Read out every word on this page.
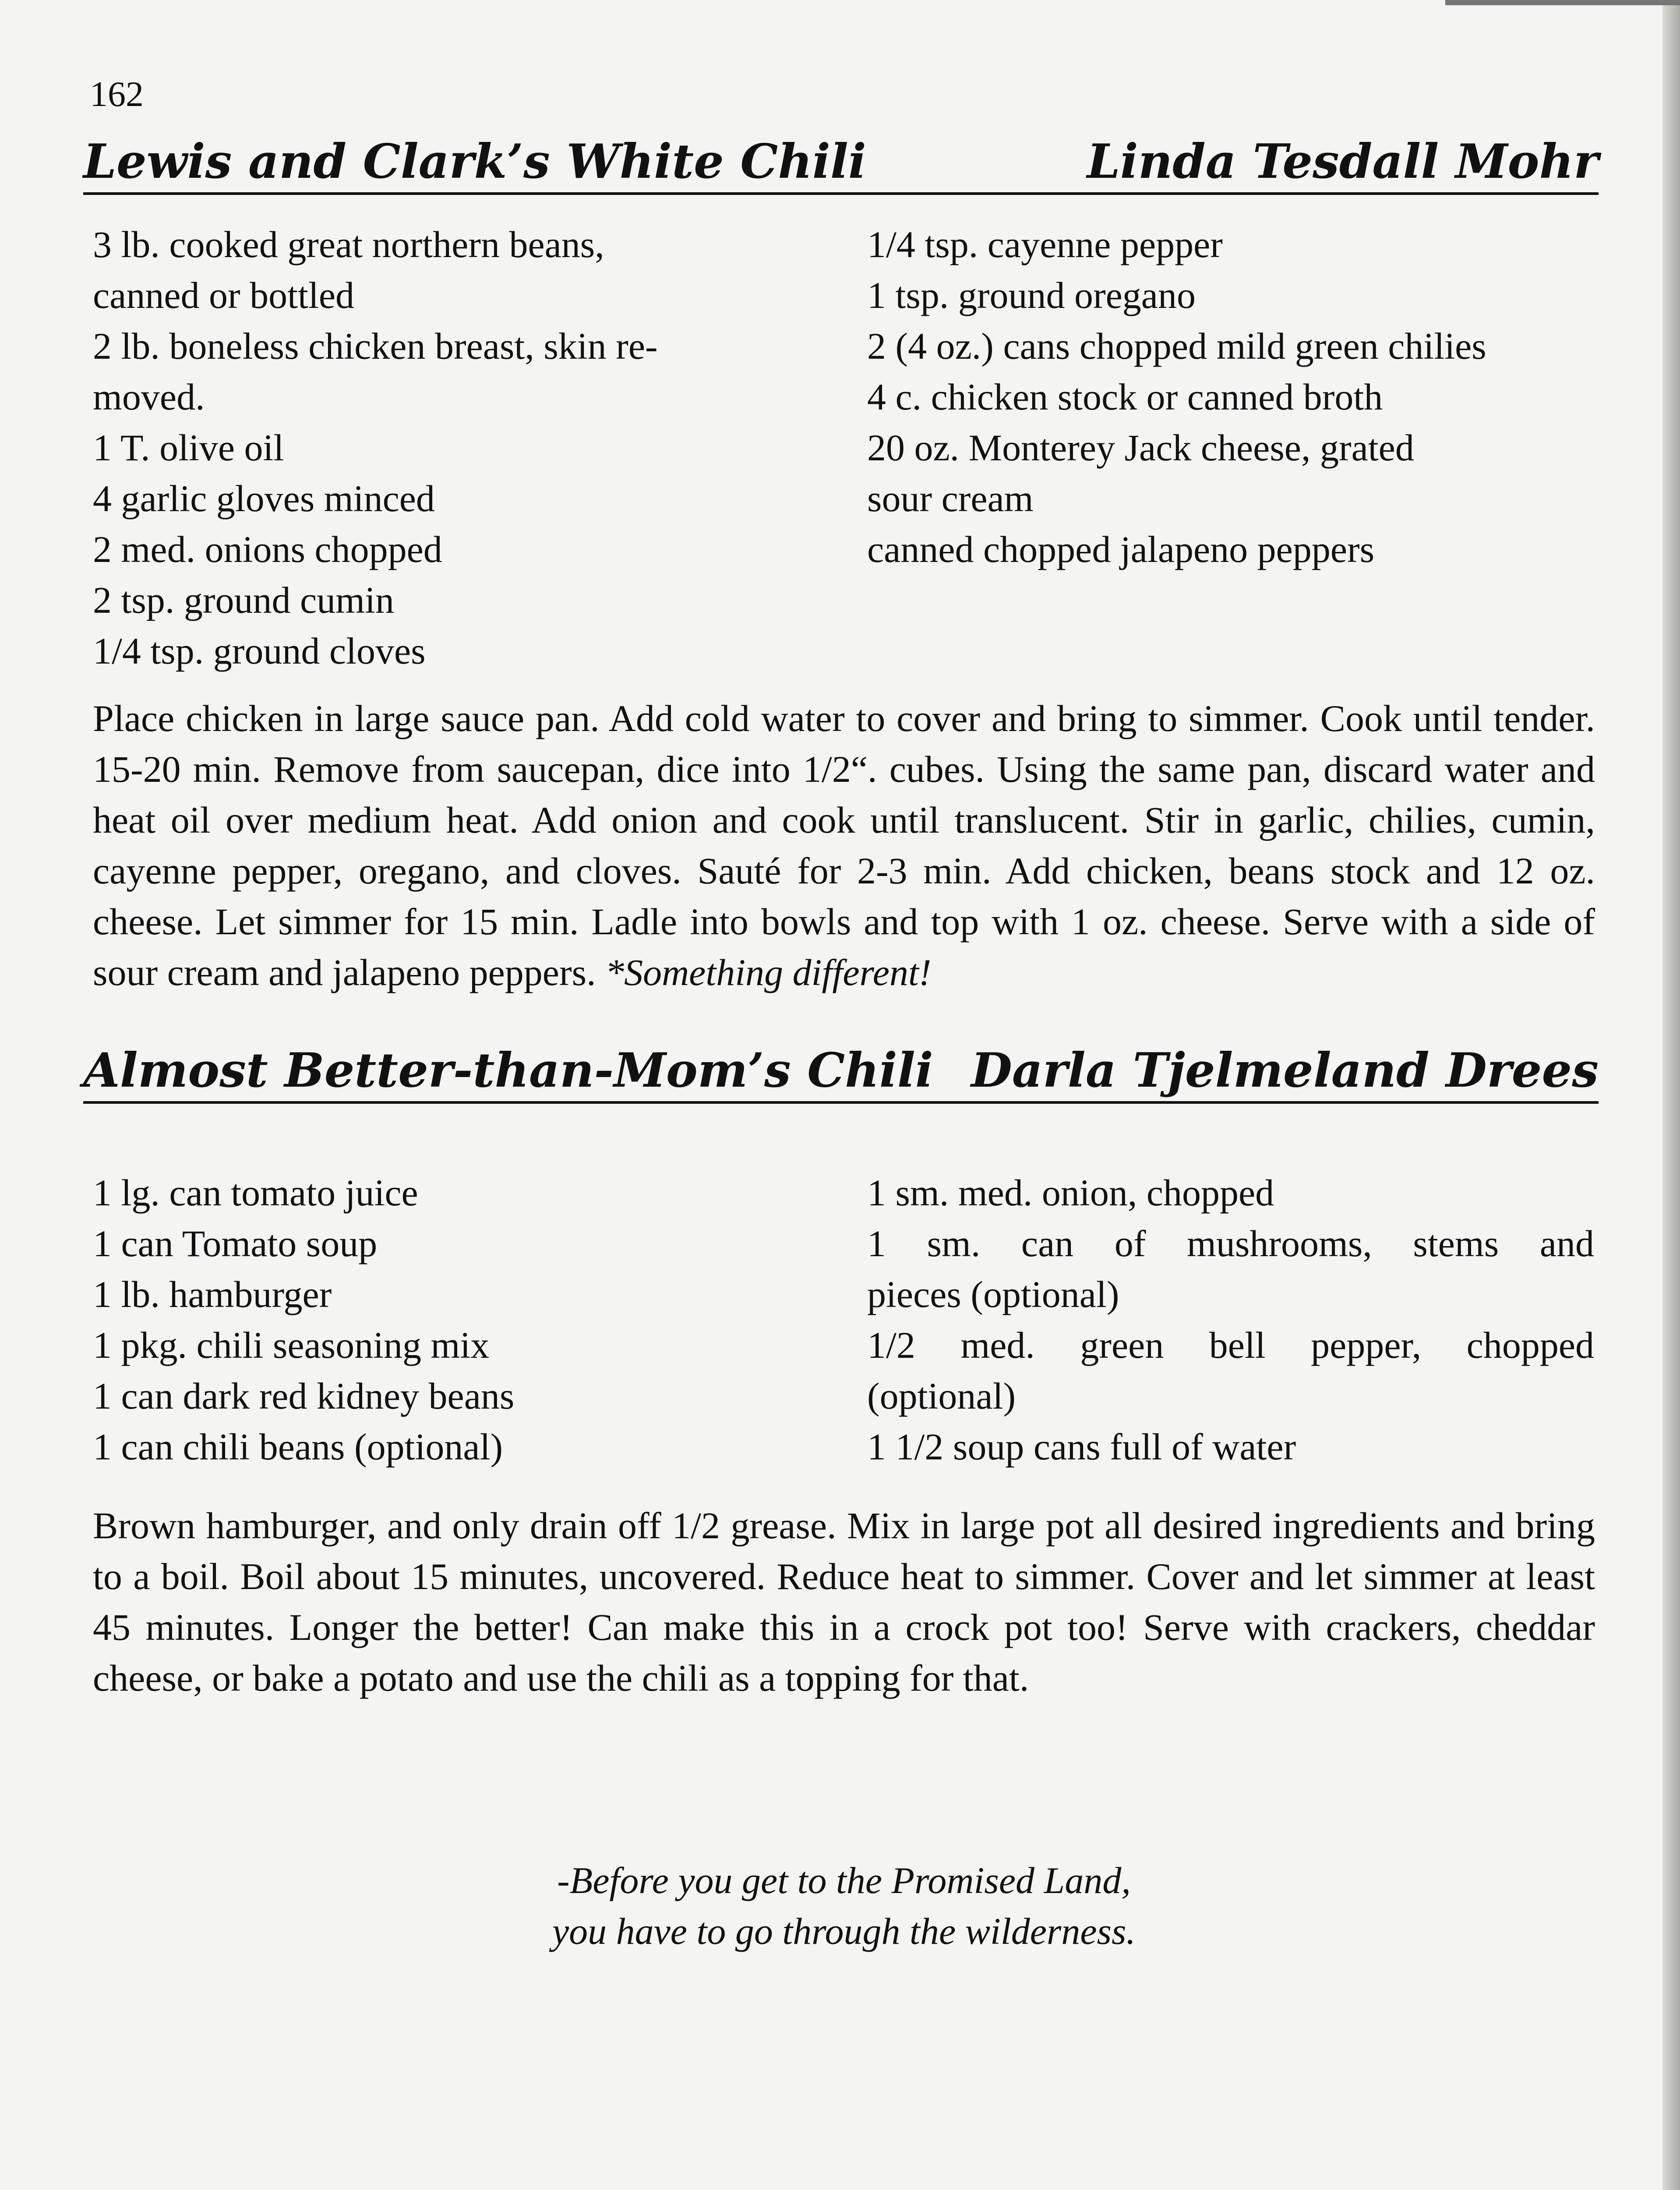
162
Lewis and Clark’s White Chili	Linda Tesdall Mohr
3 lb. cooked great northern beans,
canned or bottled
2 lb. boneless chicken breast, skin re-
moved.
1 T. olive oil
4 garlic gloves minced
2 med. onions chopped
2 tsp. ground cumin
1/4 tsp. ground cloves
1/4 tsp. cayenne pepper
1 tsp. ground oregano
2 (4 oz.) cans chopped mild green chilies
4 c. chicken stock or canned broth
20 oz. Monterey Jack cheese, grated
sour cream
canned chopped jalapeno peppers

Place chicken in large sauce pan. Add cold water to cover and bring to simmer. Cook until tender. 15-20 min. Remove from saucepan, dice into 1/2“. cubes. Using the same pan, discard water and heat oil over medium heat. Add onion and cook until translucent. Stir in garlic, chilies, cumin, cayenne pepper, oregano, and cloves. Sauté for 2-3 min. Add chicken, beans stock and 12 oz. cheese. Let simmer for 15 min. Ladle into bowls and top with 1 oz. cheese. Serve with a side of sour cream and jalapeno peppers. *Something different!

Almost Better-than-Mom’s Chili Darla Tjelmeland Drees
1 lg. can tomato juice
1 can Tomato soup
1 lb. hamburger
1 pkg. chili seasoning mix
1 can dark red kidney beans
1 can chili beans (optional)
1 sm. med. onion, chopped
1 sm. can of mushrooms, stems and
pieces (optional)
1/2 med. green bell pepper, chopped
(optional)
1 1/2 soup cans full of water

Brown hamburger, and only drain off 1/2 grease. Mix in large pot all desired ingredients and bring to a boil. Boil about 15 minutes, uncovered. Reduce heat to simmer. Cover and let simmer at least 45 minutes. Longer the better! Can make this in a crock pot too! Serve with crackers, cheddar cheese, or bake a potato and use the chili as a topping for that.

-Before you get to the Promised Land,
you have to go through the wilderness.
